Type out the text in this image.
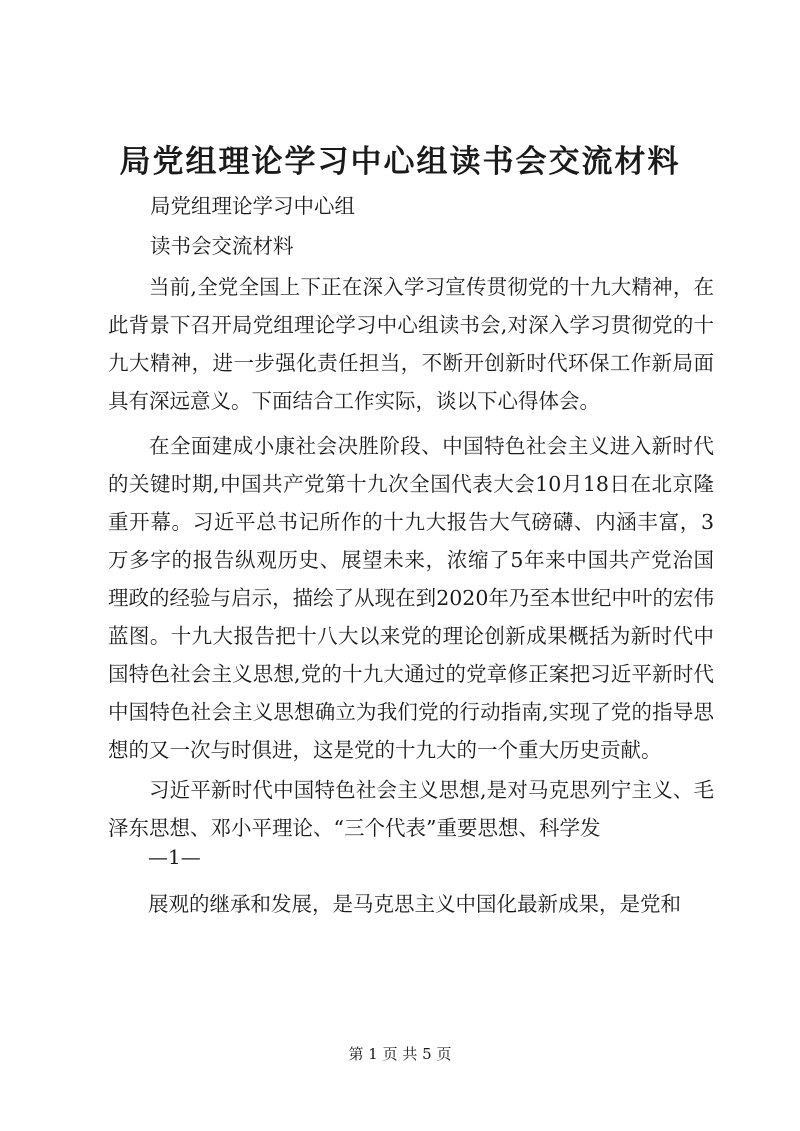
局党组理论学习中心组读书会交流材料
局党组理论学习中心组
读书会交流材料

当前,全党全国上下正在深入学习宣传贯彻党的十九大精神，在此背景下召开局党组理论学习中心组读书会,对深入学习贯彻党的十九大精神，进一步强化责任担当，不断开创新时代环保工作新局面具有深远意义。下面结合工作实际，谈以下心得体会。

在全面建成小康社会决胜阶段、中国特色社会主义进入新时代的关键时期,中国共产党第十九次全国代表大会10月18日在北京隆重开幕。习近平总书记所作的十九大报告大气磅礴、内涵丰富，3万多字的报告纵观历史、展望未来，浓缩了5年来中国共产党治国理政的经验与启示，描绘了从现在到2020年乃至本世纪中叶的宏伟蓝图。十九大报告把十八大以来党的理论创新成果概括为新时代中国特色社会主义思想,党的十九大通过的党章修正案把习近平新时代中国特色社会主义思想确立为我们党的行动指南,实现了党的指导思想的又一次与时俱进，这是党的十九大的一个重大历史贡献。

习近平新时代中国特色社会主义思想,是对马克思列宁主义、毛泽东思想、邓小平理论、“三个代表”重要思想、科学发

—1—
展观的继承和发展，是马克思主义中国化最新成果，是党和
第 1 页 共 5 页
